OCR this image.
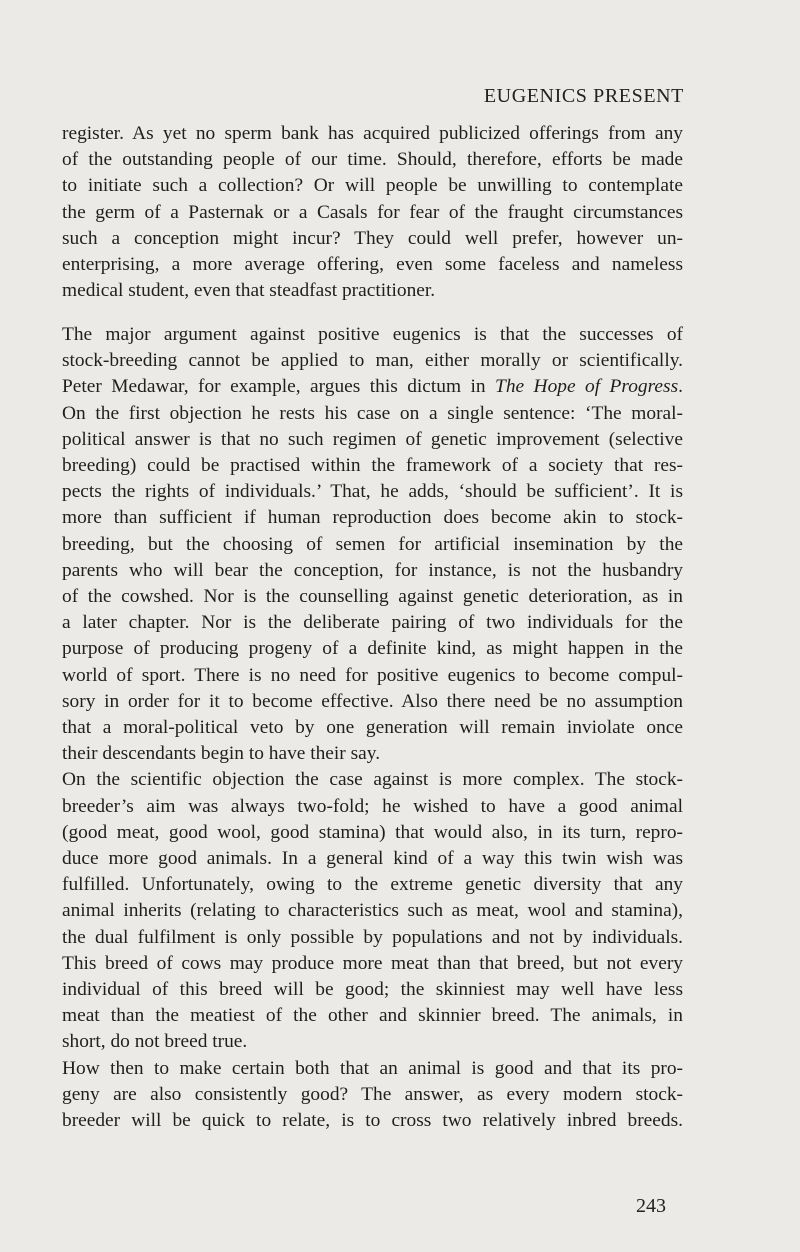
EUGENICS PRESENT
register. As yet no sperm bank has acquired publicized offerings from any
of the outstanding people of our time. Should, therefore, efforts be made
to initiate such a collection? Or will people be unwilling to contemplate
the germ of a Pasternak or a Casals for fear of the fraught circumstances
such a conception might incur? They could well prefer, however un-
enterprising, a more average offering, even some faceless and nameless
medical student, even that steadfast practitioner.
The major argument against positive eugenics is that the successes of
stock-breeding cannot be applied to man, either morally or scientifically.
Peter Medawar, for example, argues this dictum in The Hope of Progress.
On the first objection he rests his case on a single sentence: ‘The moral-
political answer is that no such regimen of genetic improvement (selective
breeding) could be practised within the framework of a society that res-
pects the rights of individuals.’ That, he adds, ‘should be sufficient’. It is
more than sufficient if human reproduction does become akin to stock-
breeding, but the choosing of semen for artificial insemination by the
parents who will bear the conception, for instance, is not the husbandry
of the cowshed. Nor is the counselling against genetic deterioration, as in
a later chapter. Nor is the deliberate pairing of two individuals for the
purpose of producing progeny of a definite kind, as might happen in the
world of sport. There is no need for positive eugenics to become compul-
sory in order for it to become effective. Also there need be no assumption
that a moral-political veto by one generation will remain inviolate once
their descendants begin to have their say.
On the scientific objection the case against is more complex. The stock-
breeder’s aim was always two-fold; he wished to have a good animal
(good meat, good wool, good stamina) that would also, in its turn, repro-
duce more good animals. In a general kind of a way this twin wish was
fulfilled. Unfortunately, owing to the extreme genetic diversity that any
animal inherits (relating to characteristics such as meat, wool and stamina),
the dual fulfilment is only possible by populations and not by individuals.
This breed of cows may produce more meat than that breed, but not every
individual of this breed will be good; the skinniest may well have less
meat than the meatiest of the other and skinnier breed. The animals, in
short, do not breed true.
How then to make certain both that an animal is good and that its pro-
geny are also consistently good? The answer, as every modern stock-
breeder will be quick to relate, is to cross two relatively inbred breeds.
243
